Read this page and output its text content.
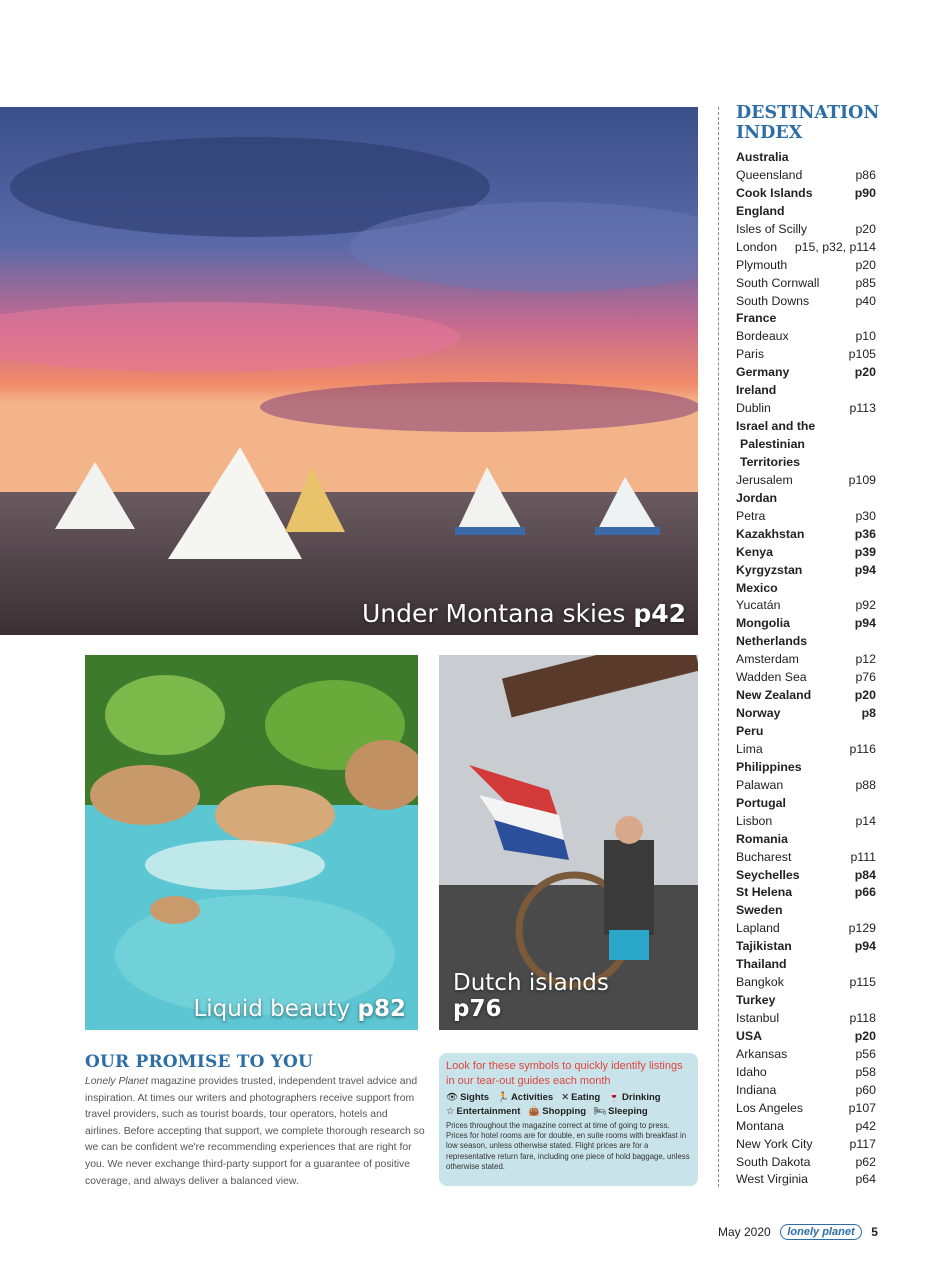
Under Montana skies p42
Liquid beauty p82
Dutch islands
p76
OUR PROMISE TO YOU

Lonely Planet magazine provides trusted, independent travel advice and inspiration. At times our writers and photographers receive support from travel providers, such as tourist boards, tour operators, hotels and airlines. Before accepting that support, we complete thorough research so we can be confident we're recommending experiences that are right for you. We never exchange third-party support for a guarantee of positive coverage, and always deliver a balanced view.

Look for these symbols to quickly identify listings in our tear-out guides each month
👁 Sights 🏃 Activities ✕ Eating 🍷 Drinking
☆ Entertainment 👜 Shopping 🛏 Sleeping
Prices throughout the magazine correct at time of going to press. Prices for hotel rooms are for double, en suite rooms with breakfast in low season, unless otherwise stated. Flight prices are for a representative return fare, including one piece of hold baggage, unless otherwise stated.
DESTINATION INDEX
Australia
Queensland	p86
Cook Islands	p90
England
Isles of Scilly	p20
London p15, p32, p114
Plymouth	p20
South Cornwall	p85
South Downs	p40
France
Bordeaux	p10
Paris	p105
Germany	p20
Ireland
Dublin	p113
Israel and the
Palestinian
Territories
Jerusalem	p109
Jordan
Petra	p30
Kazakhstan	p36
Kenya	p39
Kyrgyzstan	p94
Mexico
Yucatán	p92
Mongolia	p94
Netherlands
Amsterdam	p12
Wadden Sea	p76
New Zealand	p20
Norway	p8
Peru
Lima	p116
Philippines
Palawan	p88
Portugal
Lisbon	p14
Romania
Bucharest	p111
Seychelles	p84
St Helena	p66
Sweden
Lapland	p129
Tajikistan	p94
Thailand
Bangkok	p115
Turkey
Istanbul	p118
USA	p20
Arkansas	p56
Idaho	p58
Indiana	p60
Los Angeles	p107
Montana	p42
New York City	p117
South Dakota	p62
West Virginia	p64
May 2020	lonely planet	5
